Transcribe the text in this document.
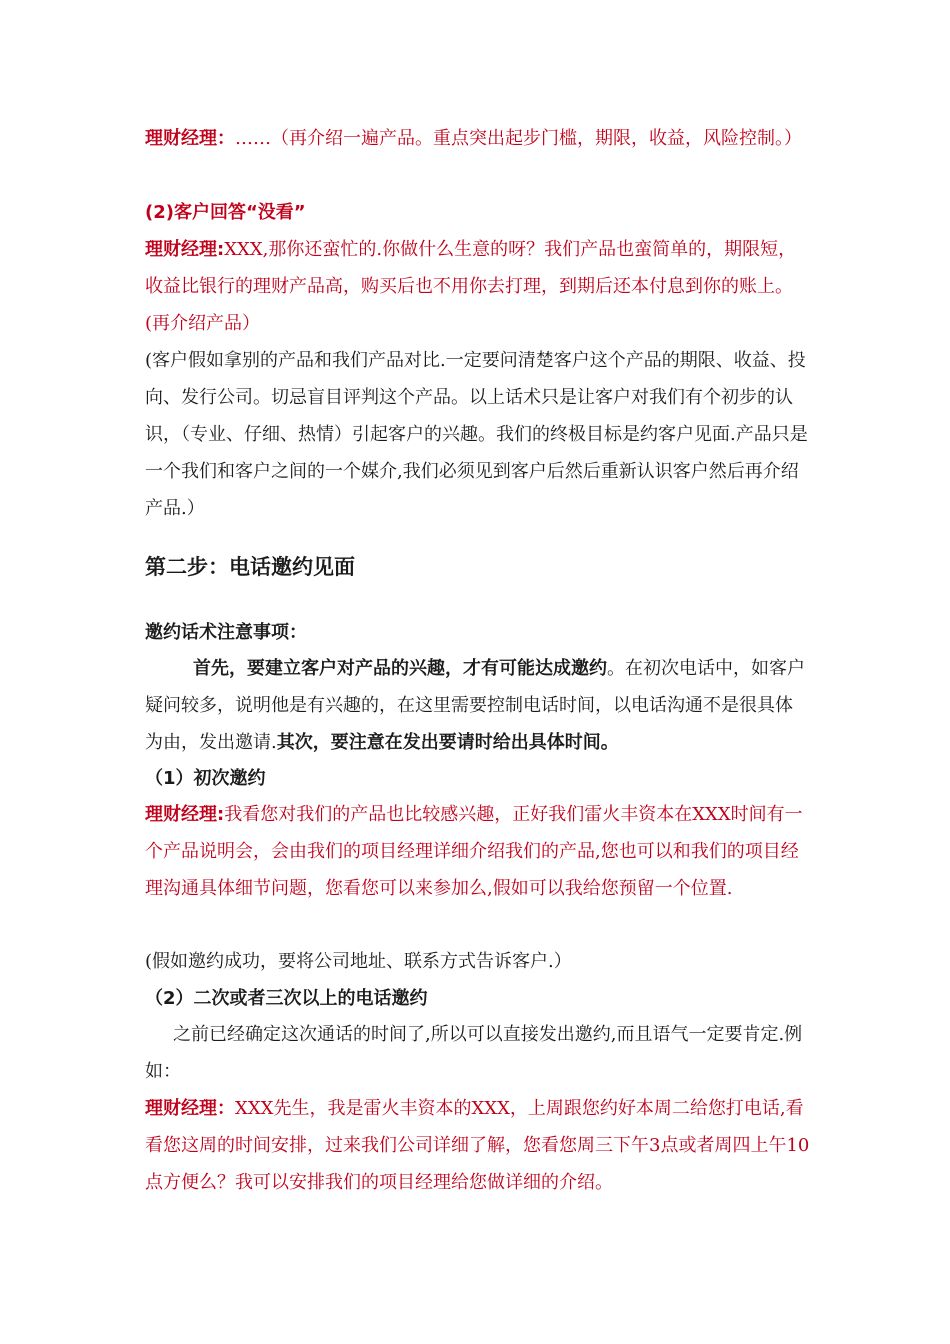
理财经理：……（再介绍一遍产品。重点突出起步门槛，期限，收益，风险控制。）

(2)客户回答“没看”

理财经理:XXX,那你还蛮忙的.你做什么生意的呀？我们产品也蛮简单的，期限短，收益比银行的理财产品高，购买后也不用你去打理，到期后还本付息到你的账上。(再介绍产品）

(客户假如拿别的产品和我们产品对比.一定要问清楚客户这个产品的期限、收益、投向、发行公司。切忌盲目评判这个产品。以上话术只是让客户对我们有个初步的认识，（专业、仔细、热情）引起客户的兴趣。我们的终极目标是约客户见面.产品只是一个我们和客户之间的一个媒介,我们必须见到客户后然后重新认识客户然后再介绍产品.）

第二步：电话邀约见面

邀约话术注意事项：

首先，要建立客户对产品的兴趣，才有可能达成邀约。在初次电话中，如客户疑问较多，说明他是有兴趣的，在这里需要控制电话时间，以电话沟通不是很具体为由，发出邀请.其次，要注意在发出要请时给出具体时间。

（1）初次邀约

理财经理:我看您对我们的产品也比较感兴趣，正好我们雷火丰资本在XXX时间有一个产品说明会，会由我们的项目经理详细介绍我们的产品,您也可以和我们的项目经理沟通具体细节问题，您看您可以来参加么,假如可以我给您预留一个位置.

(假如邀约成功，要将公司地址、联系方式告诉客户.）

（2）二次或者三次以上的电话邀约

之前已经确定这次通话的时间了,所以可以直接发出邀约,而且语气一定要肯定.例如：

理财经理：XXX先生，我是雷火丰资本的XXX，上周跟您约好本周二给您打电话,看看您这周的时间安排，过来我们公司详细了解，您看您周三下午3点或者周四上午10点方便么？我可以安排我们的项目经理给您做详细的介绍。
